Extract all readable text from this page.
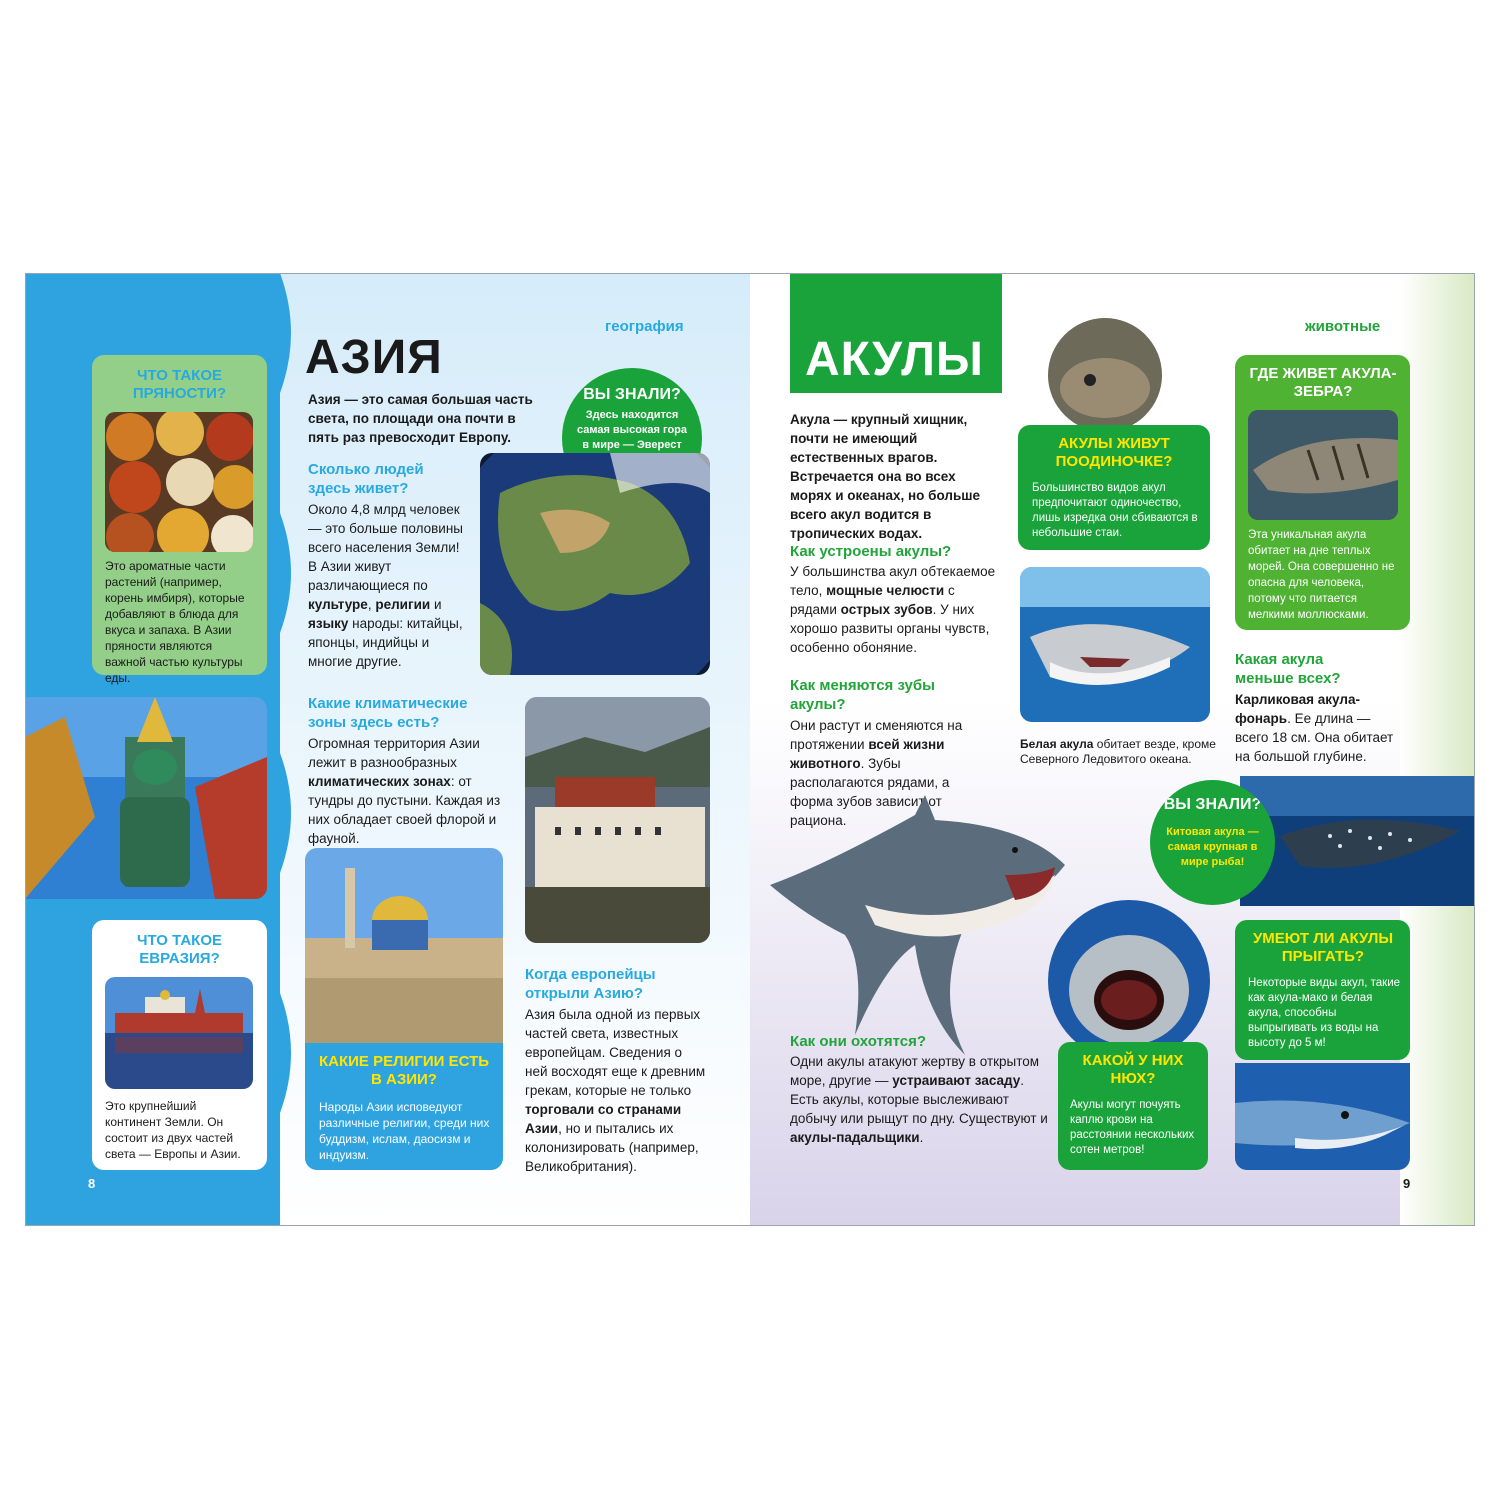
география
АЗИЯ
Азия — это самая большая часть света, по площади она почти в пять раз превосходит Европу.
ЧТО ТАКОЕ ПРЯНОСТИ?
Это ароматные части растений (например, корень имбиря), которые добавляют в блюда для вкуса и запаха. В Азии пряности являются важной частью культуры еды.
ЧТО ТАКОЕ ЕВРАЗИЯ?
Это крупнейший континент Земли. Он состоит из двух частей света — Европы и Азии.
8
ВЫ ЗНАЛИ?
Здесь находится самая высокая гора в мире — Эверест
Сколько людей здесь живет?
Около 4,8 млрд человек — это больше половины всего населения Земли! В Азии живут различающиеся по культуре, религии и языку народы: китайцы, японцы, индийцы и многие другие.
Какие климатические зоны здесь есть?
Огромная территория Азии лежит в разнообразных климатических зонах: от тундры до пустыни. Каждая из них обладает своей флорой и фауной.
КАКИЕ РЕЛИГИИ ЕСТЬ В АЗИИ?
Народы Азии исповедуют различные религии, среди них буддизм, ислам, даосизм и индуизм.
Когда европейцы открыли Азию?
Азия была одной из первых частей света, известных европейцам. Сведения о ней восходят еще к древним грекам, которые не только торговали со странами Азии, но и пытались их колонизировать (например, Великобритания).
АКУЛЫ
животные
Акула — крупный хищник, почти не имеющий естественных врагов. Встречается она во всех морях и океанах, но больше всего акул водится в тропических водах.
АКУЛЫ ЖИВУТ ПООДИНОЧКЕ?
Большинство видов акул предпочитают одиночество, лишь изредка они сбиваются в небольшие стаи.
Белая акула обитает везде, кроме Северного Ледовитого океана.
Как устроены акулы?
У большинства акул обтекаемое тело, мощные челюсти с рядами острых зубов. У них хорошо развиты органы чувств, особенно обоняние.
Как меняются зубы акулы?
Они растут и сменяются на протяжении всей жизни животного. Зубы располагаются рядами, а форма зубов зависит от рациона.
Как они охотятся?
Одни акулы атакуют жертву в открытом море, другие — устраивают засаду. Есть акулы, которые выслеживают добычу или рыщут по дну. Существуют и акулы-падальщики.
КАКОЙ У НИХ НЮХ?
Акулы могут почуять каплю крови на расстоянии нескольких сотен метров!
ГДЕ ЖИВЕТ АКУЛА-ЗЕБРА?
Эта уникальная акула обитает на дне теплых морей. Она совершенно не опасна для человека, потому что питается мелкими моллюсками.
Какая акула меньше всех?
Карликовая акула-фонарь. Ее длина — всего 18 см. Она обитает на большой глубине.
ВЫ ЗНАЛИ?
Китовая акула — самая крупная в мире рыба!
УМЕЮТ ЛИ АКУЛЫ ПРЫГАТЬ?
Некоторые виды акул, такие как акула-мако и белая акула, способны выпрыгивать из воды на высоту до 5 м!
9
